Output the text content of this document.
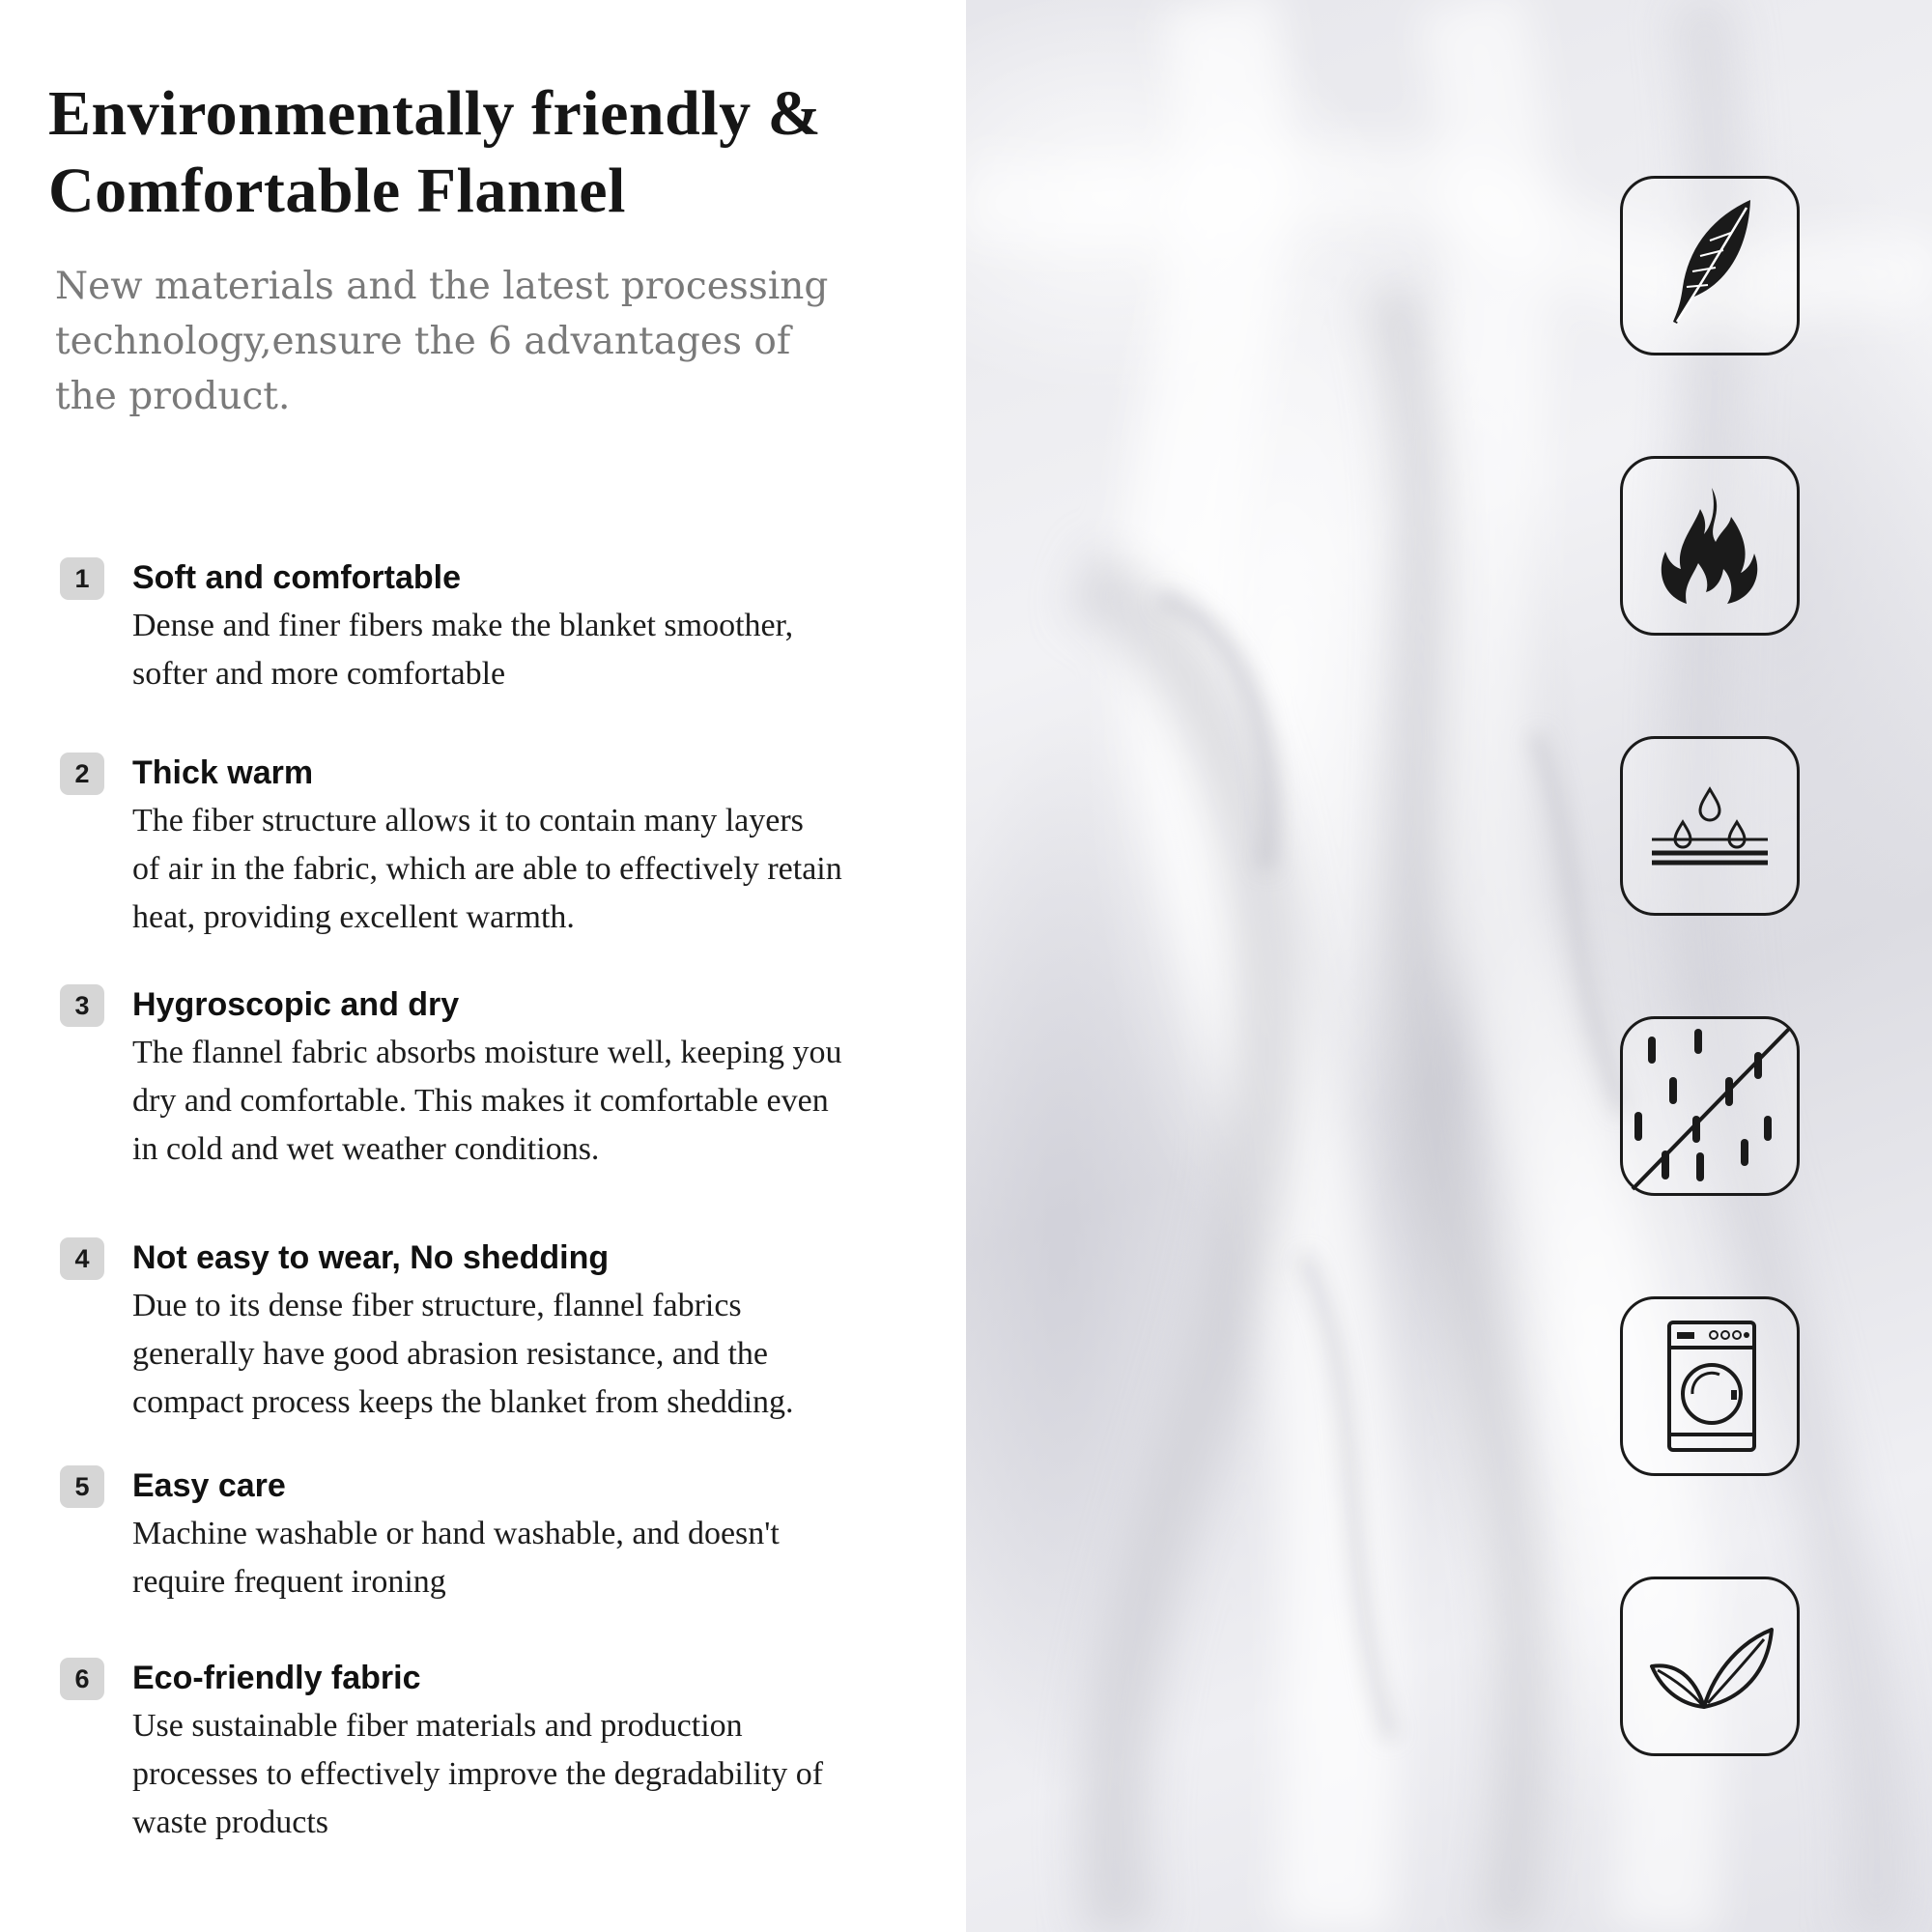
Environmentally friendly &
Comfortable Flannel
New materials and the latest processing
technology,ensure the 6 advantages of
the product.
1	Soft and comfortable
Dense and finer fibers make the blanket smoother,
softer and more comfortable
2	Thick warm
The fiber structure allows it to contain many layers
of air in the fabric, which are able to effectively retain
heat, providing excellent warmth.
3	Hygroscopic and dry
The flannel fabric absorbs moisture well, keeping you
dry and comfortable. This makes it comfortable even
in cold and wet weather conditions.
4	Not easy to wear, No shedding
Due to its dense fiber structure, flannel fabrics
generally have good abrasion resistance, and the
compact process keeps the blanket from shedding.
5	Easy care
Machine washable or hand washable, and doesn't
require frequent ironing
6	Eco-friendly fabric
Use sustainable fiber materials and production
processes to effectively improve the degradability of
waste products
